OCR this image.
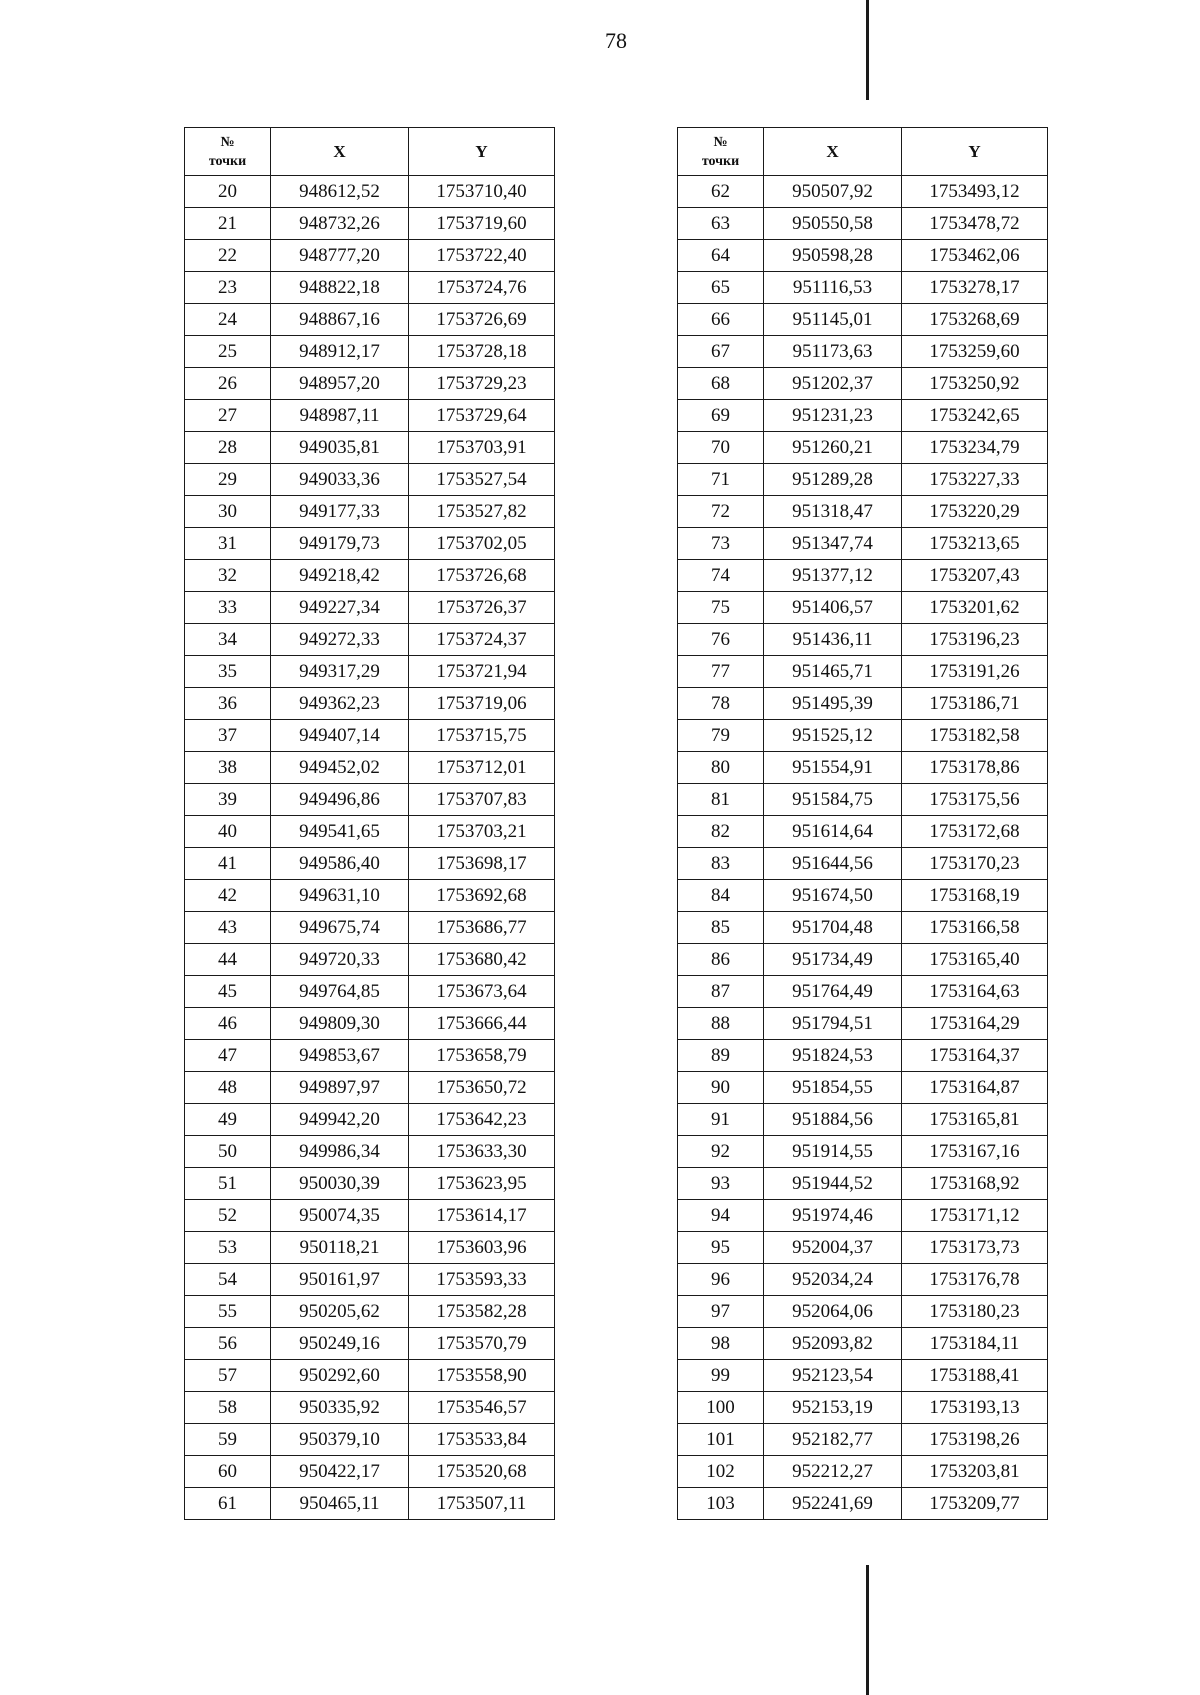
78
№
точки	X	Y
20	948612,52	1753710,40
21	948732,26	1753719,60
22	948777,20	1753722,40
23	948822,18	1753724,76
24	948867,16	1753726,69
25	948912,17	1753728,18
26	948957,20	1753729,23
27	948987,11	1753729,64
28	949035,81	1753703,91
29	949033,36	1753527,54
30	949177,33	1753527,82
31	949179,73	1753702,05
32	949218,42	1753726,68
33	949227,34	1753726,37
34	949272,33	1753724,37
35	949317,29	1753721,94
36	949362,23	1753719,06
37	949407,14	1753715,75
38	949452,02	1753712,01
39	949496,86	1753707,83
40	949541,65	1753703,21
41	949586,40	1753698,17
42	949631,10	1753692,68
43	949675,74	1753686,77
44	949720,33	1753680,42
45	949764,85	1753673,64
46	949809,30	1753666,44
47	949853,67	1753658,79
48	949897,97	1753650,72
49	949942,20	1753642,23
50	949986,34	1753633,30
51	950030,39	1753623,95
52	950074,35	1753614,17
53	950118,21	1753603,96
54	950161,97	1753593,33
55	950205,62	1753582,28
56	950249,16	1753570,79
57	950292,60	1753558,90
58	950335,92	1753546,57
59	950379,10	1753533,84
60	950422,17	1753520,68
61	950465,11	1753507,11
№
точки	X	Y
62	950507,92	1753493,12
63	950550,58	1753478,72
64	950598,28	1753462,06
65	951116,53	1753278,17
66	951145,01	1753268,69
67	951173,63	1753259,60
68	951202,37	1753250,92
69	951231,23	1753242,65
70	951260,21	1753234,79
71	951289,28	1753227,33
72	951318,47	1753220,29
73	951347,74	1753213,65
74	951377,12	1753207,43
75	951406,57	1753201,62
76	951436,11	1753196,23
77	951465,71	1753191,26
78	951495,39	1753186,71
79	951525,12	1753182,58
80	951554,91	1753178,86
81	951584,75	1753175,56
82	951614,64	1753172,68
83	951644,56	1753170,23
84	951674,50	1753168,19
85	951704,48	1753166,58
86	951734,49	1753165,40
87	951764,49	1753164,63
88	951794,51	1753164,29
89	951824,53	1753164,37
90	951854,55	1753164,87
91	951884,56	1753165,81
92	951914,55	1753167,16
93	951944,52	1753168,92
94	951974,46	1753171,12
95	952004,37	1753173,73
96	952034,24	1753176,78
97	952064,06	1753180,23
98	952093,82	1753184,11
99	952123,54	1753188,41
100	952153,19	1753193,13
101	952182,77	1753198,26
102	952212,27	1753203,81
103	952241,69	1753209,77
